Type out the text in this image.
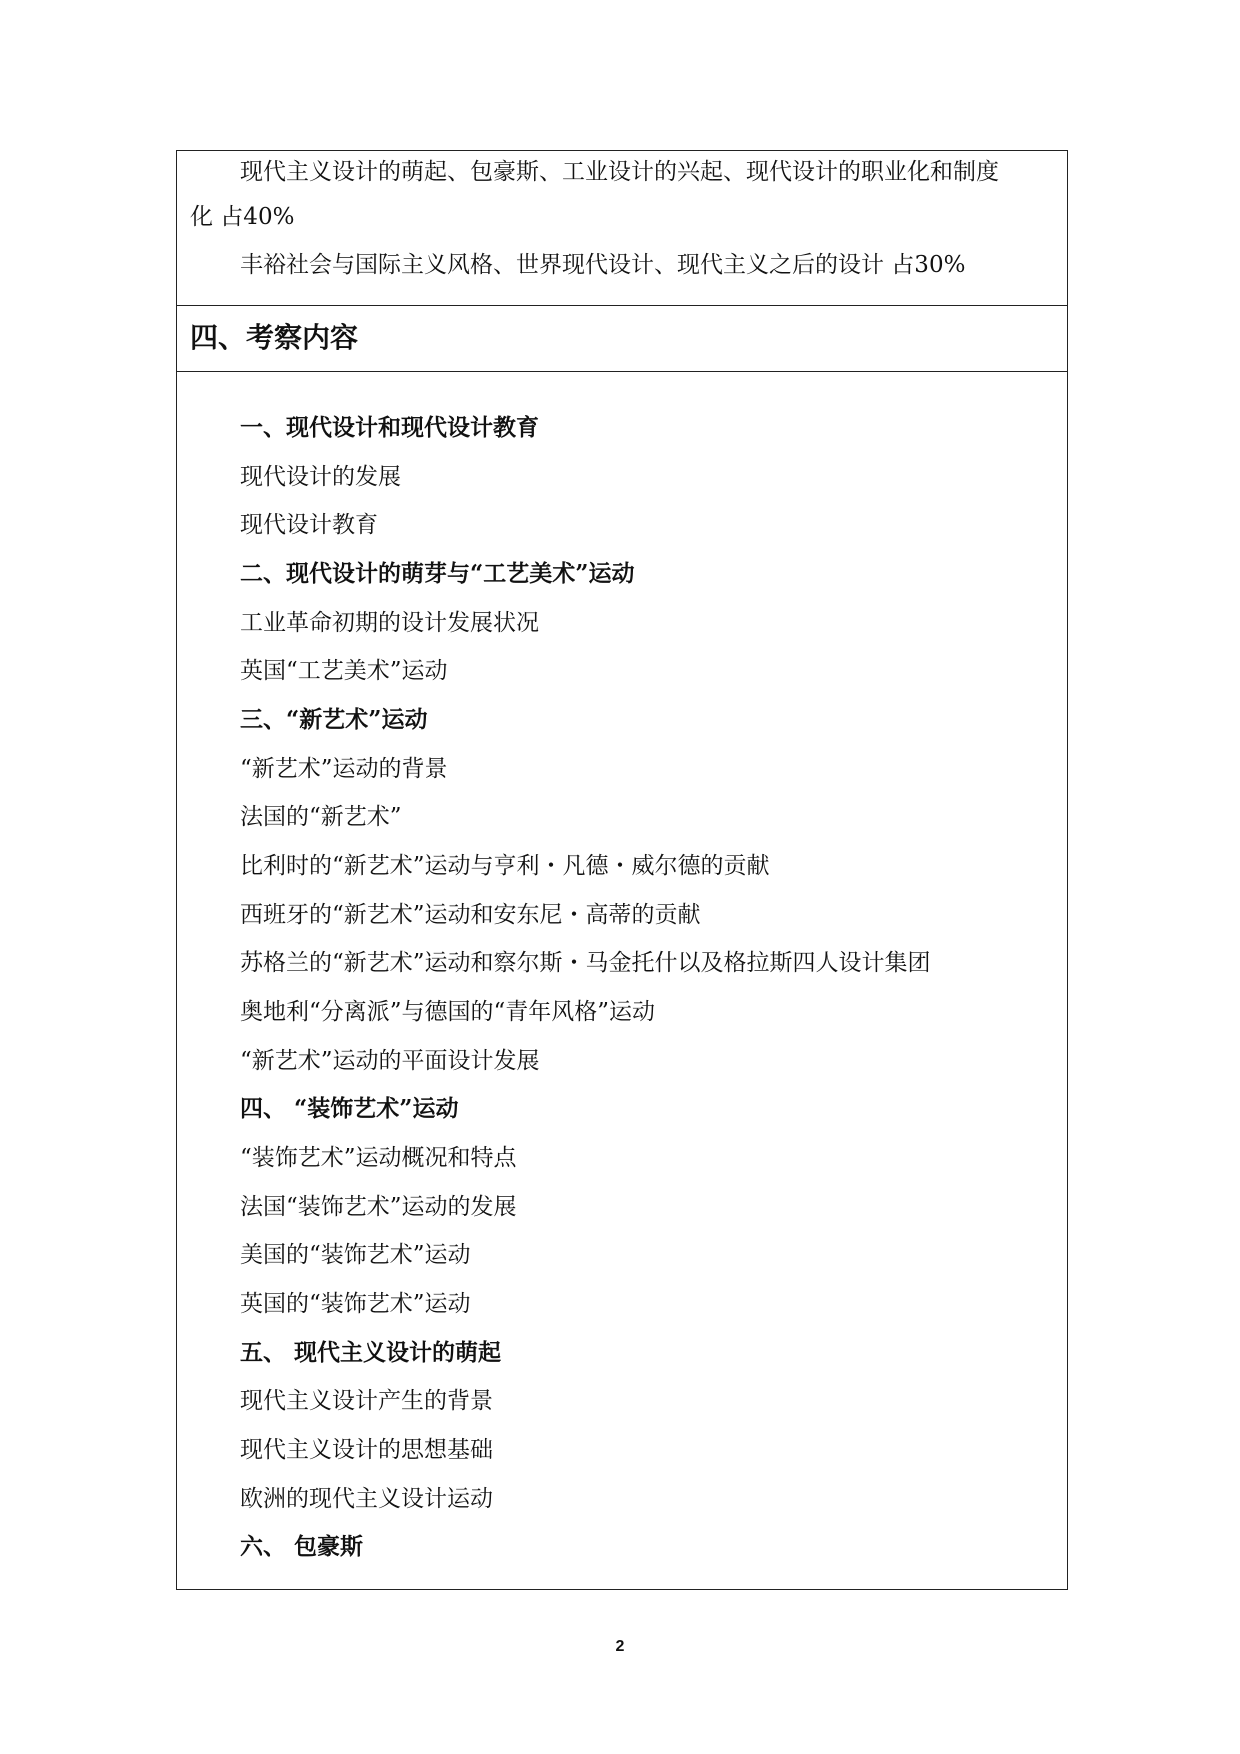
现代主义设计的萌起、包豪斯、工业设计的兴起、现代设计的职业化和制度
化 占40%
丰裕社会与国际主义风格、世界现代设计、现代主义之后的设计 占30%
四、考察内容
一、现代设计和现代设计教育
现代设计的发展
现代设计教育
二、现代设计的萌芽与“工艺美术”运动
工业革命初期的设计发展状况
英国“工艺美术”运动
三、“新艺术”运动
“新艺术”运动的背景
法国的“新艺术”
比利时的“新艺术”运动与亨利・凡德・威尔德的贡献
西班牙的“新艺术”运动和安东尼・高蒂的贡献
苏格兰的“新艺术”运动和察尔斯・马金托什以及格拉斯四人设计集团
奥地利“分离派”与德国的“青年风格”运动
“新艺术”运动的平面设计发展
四、 “装饰艺术”运动
“装饰艺术”运动概况和特点
法国“装饰艺术”运动的发展
美国的“装饰艺术”运动
英国的“装饰艺术”运动
五、 现代主义设计的萌起
现代主义设计产生的背景
现代主义设计的思想基础
欧洲的现代主义设计运动
六、 包豪斯
2
